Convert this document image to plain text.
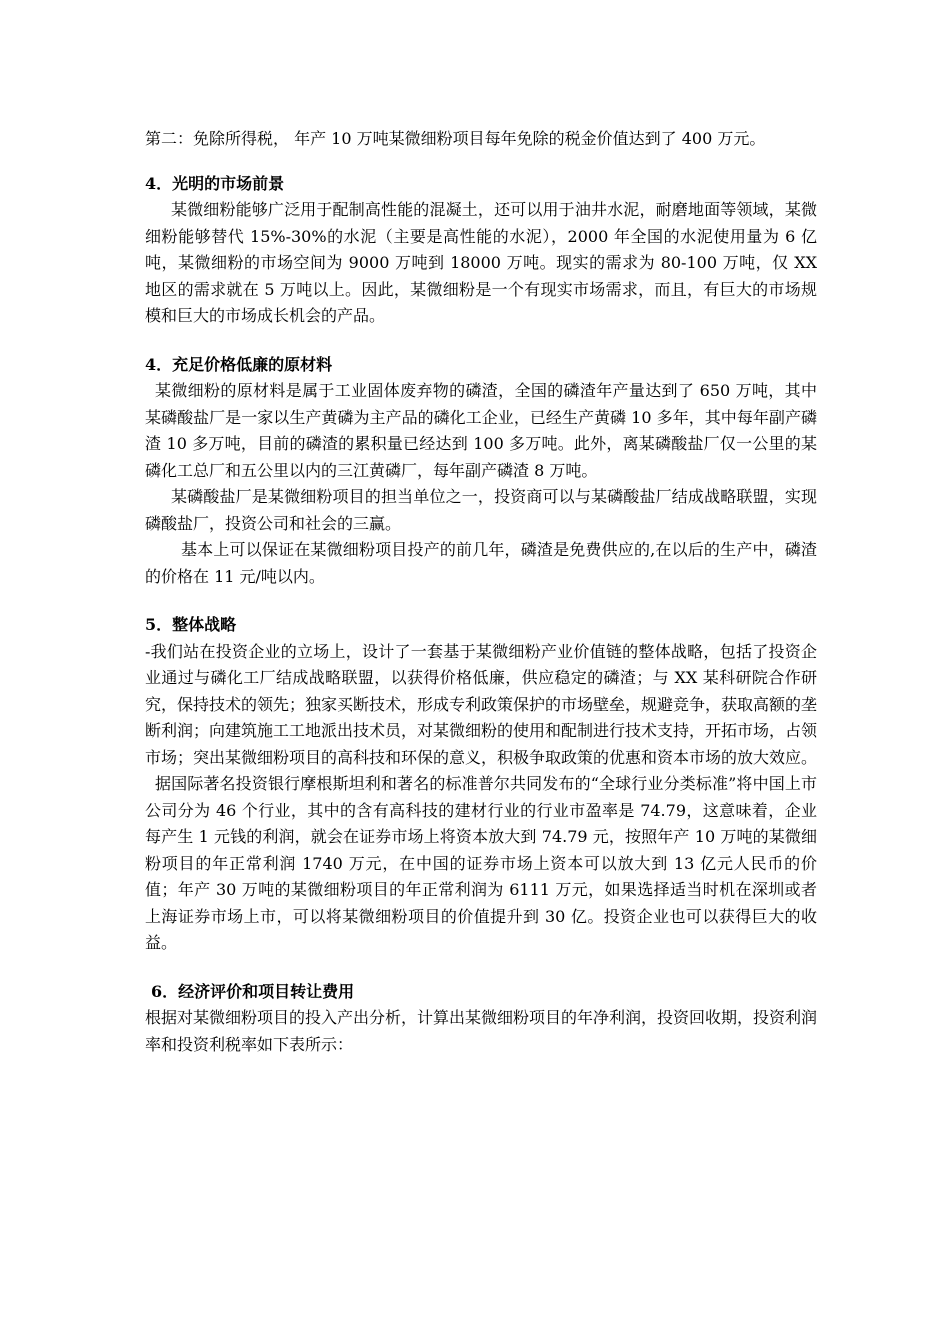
第二：免除所得税， 年产 10 万吨某微细粉项目每年免除的税金价值达到了 400 万元。

4．光明的市场前景

某微细粉能够广泛用于配制高性能的混凝土，还可以用于油井水泥，耐磨地面等领域，某微细粉能够替代 15%-30%的水泥（主要是高性能的水泥），2000 年全国的水泥使用量为 6 亿吨，某微细粉的市场空间为 9000 万吨到 18000 万吨。现实的需求为 80-100 万吨，仅 XX 地区的需求就在 5 万吨以上。因此，某微细粉是一个有现实市场需求，而且，有巨大的市场规模和巨大的市场成长机会的产品。

4．充足价格低廉的原材料

某微细粉的原材料是属于工业固体废弃物的磷渣，全国的磷渣年产量达到了 650 万吨，其中某磷酸盐厂是一家以生产黄磷为主产品的磷化工企业，已经生产黄磷 10 多年，其中每年副产磷渣 10 多万吨，目前的磷渣的累积量已经达到 100 多万吨。此外，离某磷酸盐厂仅一公里的某磷化工总厂和五公里以内的三江黄磷厂，每年副产磷渣 8 万吨。

某磷酸盐厂是某微细粉项目的担当单位之一，投资商可以与某磷酸盐厂结成战略联盟，实现磷酸盐厂，投资公司和社会的三赢。

基本上可以保证在某微细粉项目投产的前几年，磷渣是免费供应的,在以后的生产中，磷渣的价格在 11 元/吨以内。

5．整体战略

-我们站在投资企业的立场上，设计了一套基于某微细粉产业价值链的整体战略，包括了投资企业通过与磷化工厂结成战略联盟，以获得价格低廉，供应稳定的磷渣；与 XX 某科研院合作研究，保持技术的领先；独家买断技术，形成专利政策保护的市场壁垒，规避竞争，获取高额的垄断利润；向建筑施工工地派出技术员，对某微细粉的使用和配制进行技术支持，开拓市场，占领市场；突出某微细粉项目的高科技和环保的意义，积极争取政策的优惠和资本市场的放大效应。

据国际著名投资银行摩根斯坦利和著名的标准普尔共同发布的“全球行业分类标准”将中国上市公司分为 46 个行业，其中的含有高科技的建材行业的行业市盈率是 74.79，这意味着，企业每产生 1 元钱的利润，就会在证券市场上将资本放大到 74.79 元，按照年产 10 万吨的某微细粉项目的年正常利润 1740 万元，在中国的证券市场上资本可以放大到 13 亿元人民币的价值；年产 30 万吨的某微细粉项目的年正常利润为 6111 万元，如果选择适当时机在深圳或者上海证券市场上市，可以将某微细粉项目的价值提升到 30 亿。投资企业也可以获得巨大的收益。

6．经济评价和项目转让费用

根据对某微细粉项目的投入产出分析，计算出某微细粉项目的年净利润，投资回收期，投资利润率和投资利税率如下表所示：
